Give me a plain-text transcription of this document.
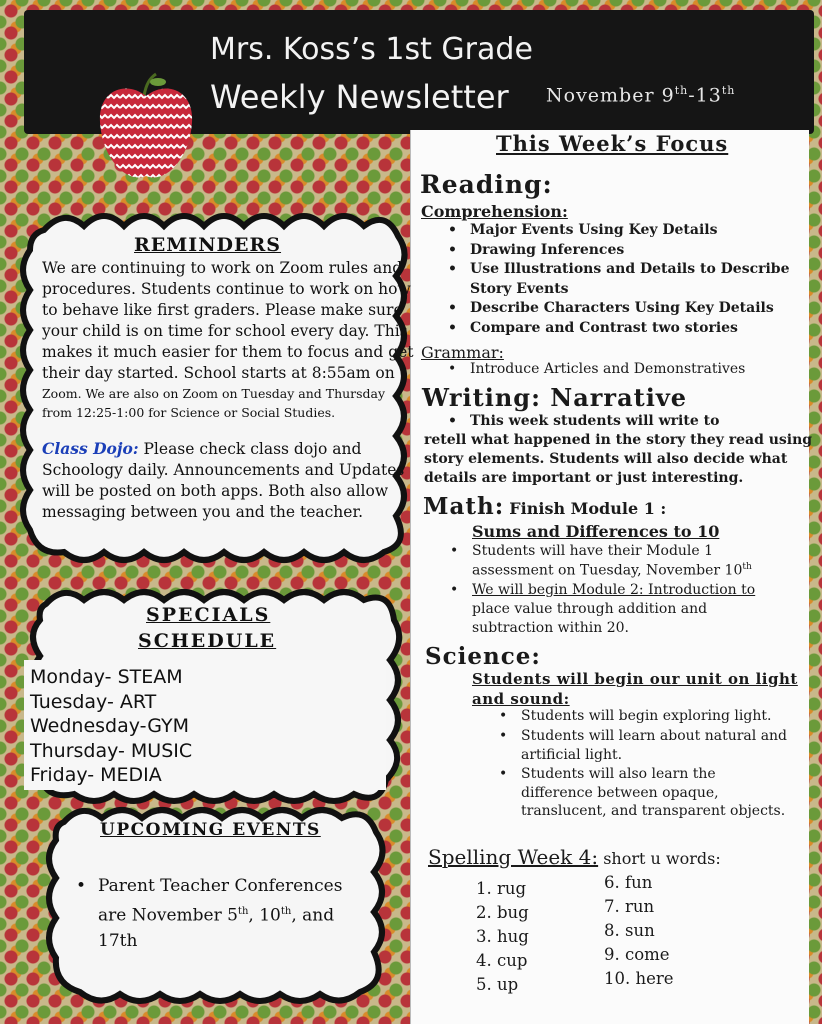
Mrs. Koss’s 1st Grade
Weekly Newsletter November 9th-13th
This Week’s Focus
Reading:
Comprehension:
• Major Events Using Key Details
• Drawing Inferences
• Use Illustrations and Details to Describe
Story Events
• Describe Characters Using Key Details
• Compare and Contrast two stories
Grammar:
• Introduce Articles and Demonstratives
Writing: Narrative
• This week students will write to
retell what happened in the story they read using
story elements. Students will also decide what
details are important or just interesting.
Math: Finish Module 1 :
Sums and Differences to 10
• Students will have their Module 1
assessment on Tuesday, November 10th
• We will begin Module 2: Introduction to
place value through addition and
subtraction within 20.
Science:
Students will begin our unit on light
and sound:
• Students will begin exploring light.
• Students will learn about natural and
artificial light.
• Students will also learn the
difference between opaque,
translucent, and transparent objects.
Spelling Week 4: short u words:
1. rug
2. bug
3. hug
4. cup
5. up
6. fun
7. run
8. sun
9. come
10. here
REMINDERS
We are continuing to work on Zoom rules and
procedures. Students continue to work on how
to behave like first graders. Please make sure
your child is on time for school every day. This
makes it much easier for them to focus and get
their day started. School starts at 8:55am on
Zoom. We are also on Zoom on Tuesday and Thursday
from 12:25-1:00 for Science or Social Studies.
Class Dojo: Please check class dojo and
Schoology daily. Announcements and Updates
will be posted on both apps. Both also allow
messaging between you and the teacher.
SPECIALS
SCHEDULE
Monday- STEAM
Tuesday- ART
Wednesday-GYM
Thursday- MUSIC
Friday- MEDIA
UPCOMING EVENTS
• Parent Teacher Conferences
are November 5th, 10th, and
17th
